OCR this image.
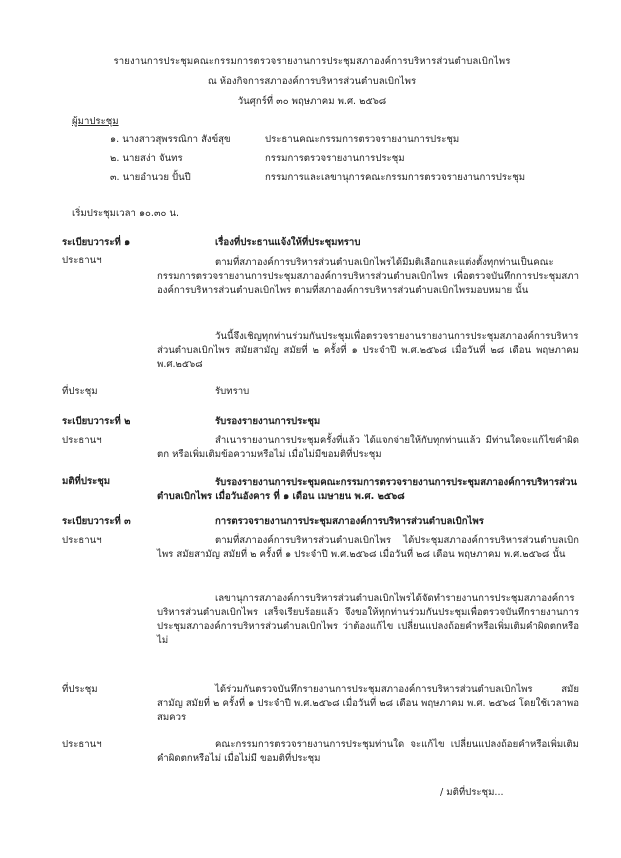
รายงานการประชุมคณะกรรมการตรวจรายงานการประชุมสภาองค์การบริหารส่วนตำบลเบิกไพร
ณ ห้องกิจการสภาองค์การบริหารส่วนตำบลเบิกไพร
วันศุกร์ที่ ๓๐ พฤษภาคม พ.ศ. ๒๕๖๘
ผู้มาประชุม
๑. นางสาวสุพรรณิกา สังข์สุข	ประธานคณะกรรมการตรวจรายงานการประชุม
๒. นายสง่า จันทร	กรรมการตรวจรายงานการประชุม
๓. นายอำนวย ปั้นปี	กรรมการและเลขานุการคณะกรรมการตรวจรายงานการประชุม
เริ่มประชุมเวลา ๑๐.๓๐ น.
ระเบียบวาระที่ ๑	เรื่องที่ประธานแจ้งให้ที่ประชุมทราบ
ประธานฯ	ตามที่สภาองค์การบริหารส่วนตำบลเบิกไพรได้มีมติเลือกและแต่งตั้งทุกท่านเป็นคณะกรรมการตรวจรายงานการประชุมสภาองค์การบริหารส่วนตำบลเบิกไพร เพื่อตรวจบันทึกการประชุมสภาองค์การบริหารส่วนตำบลเบิกไพร ตามที่สภาองค์การบริหารส่วนตำบลเบิกไพรมอบหมาย นั้น
วันนี้จึงเชิญทุกท่านร่วมกันประชุมเพื่อตรวจรายงานรายงานการประชุมสภาองค์การบริหารส่วนตำบลเบิกไพร สมัยสามัญ สมัยที่ ๒ ครั้งที่ ๑ ประจำปี พ.ศ.๒๕๖๘ เมื่อวันที่ ๒๘ เดือน พฤษภาคม พ.ศ.๒๕๖๘
ที่ประชุม	รับทราบ
ระเบียบวาระที่ ๒	รับรองรายงานการประชุม
ประธานฯ	สำเนารายงานการประชุมครั้งที่แล้ว ได้แจกจ่ายให้กับทุกท่านแล้ว มีท่านใดจะแก้ไขคำผิดตก หรือเพิ่มเติมข้อความหรือไม่ เมื่อไม่มีขอมติที่ประชุม
มติที่ประชุม	รับรองรายงานการประชุมคณะกรรมการตรวจรายงานการประชุมสภาองค์การบริหารส่วนตำบลเบิกไพร เมื่อวันอังคาร ที่ ๑ เดือน เมษายน พ.ศ. ๒๕๖๘
ระเบียบวาระที่ ๓	การตรวจรายงานการประชุมสภาองค์การบริหารส่วนตำบลเบิกไพร
ประธานฯ	ตามที่สภาองค์การบริหารส่วนตำบลเบิกไพร ได้ประชุมสภาองค์การบริหารส่วนตำบลเบิกไพร สมัยสามัญ สมัยที่ ๒ ครั้งที่ ๑ ประจำปี พ.ศ.๒๕๖๘ เมื่อวันที่ ๒๘ เดือน พฤษภาคม พ.ศ.๒๕๖๘ นั้น
เลขานุการสภาองค์การบริหารส่วนตำบลเบิกไพรได้จัดทำรายงานการประชุมสภาองค์การบริหารส่วนตำบลเบิกไพร เสร็จเรียบร้อยแล้ว จึงขอให้ทุกท่านร่วมกันประชุมเพื่อตรวจบันทึกรายงานการประชุมสภาองค์การบริหารส่วนตำบลเบิกไพร ว่าต้องแก้ไข เปลี่ยนแปลงถ้อยคำหรือเพิ่มเติมคำผิดตกหรือไม่
ที่ประชุม	ได้ร่วมกันตรวจบันทึกรายงานการประชุมสภาองค์การบริหารส่วนตำบลเบิกไพร สมัยสามัญ สมัยที่ ๒ ครั้งที่ ๑ ประจำปี พ.ศ.๒๕๖๘ เมื่อวันที่ ๒๘ เดือน พฤษภาคม พ.ศ. ๒๕๖๘ โดยใช้เวลาพอสมควร
ประธานฯ	คณะกรรมการตรวจรายงานการประชุมท่านใด จะแก้ไข เปลี่ยนแปลงถ้อยคำหรือเพิ่มเติมคำผิดตกหรือไม่ เมื่อไม่มี ขอมติที่ประชุม
/ มติที่ประชุม...
